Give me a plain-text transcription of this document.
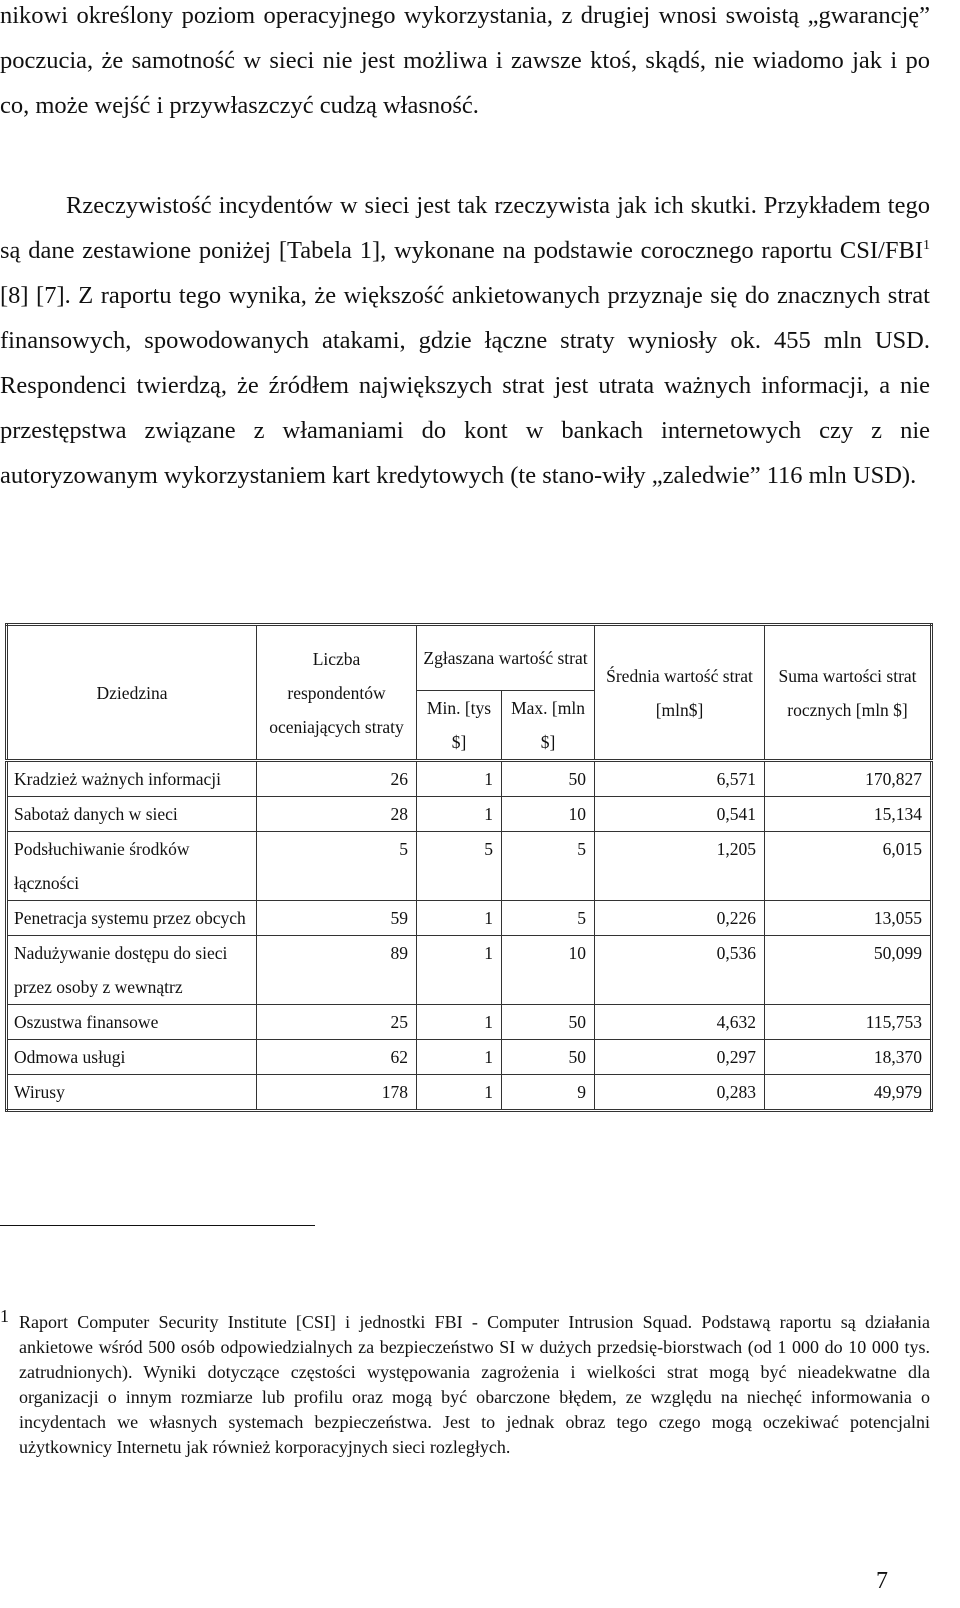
nikowi określony poziom operacyjnego wykorzystania, z drugiej wnosi swoistą „gwarancję” poczucia, że samotność w sieci nie jest możliwa i zawsze ktoś, skądś, nie wiadomo jak i po co, może wejść i przywłaszczyć cudzą własność.

Rzeczywistość incydentów w sieci jest tak rzeczywista jak ich skutki. Przykładem tego są dane zestawione poniżej [Tabela 1], wykonane na podstawie corocznego raportu CSI/FBI$^1$ [8] [7]. Z raportu tego wynika, że większość ankietowanych przyznaje się do znacznych strat finansowych, spowodowanych atakami, gdzie łączne straty wyniosły ok. 455 mln USD. Respondenci twierdzą, że źródłem największych strat jest utrata ważnych informacji, a nie przestępstwa związane z włamaniami do kont w bankach internetowych czy z nie autoryzowanym wykorzystaniem kart kredytowych (te stano-wiły „zaledwie” 116 mln USD).

Dziedzina	Liczba respondentów oceniających straty	Zgłaszana wartość strat		Średnia wartość strat [mln$]	Suma wartości strat rocznych [mln $]
		Min. [tys $]	Max. [mln $]		
Kradzież ważnych informacji	26	1	50	6,571	170,827
Sabotaż danych w sieci	28	1	10	0,541	15,134
Podsłuchiwanie środków łączności	5	5	5	1,205	6,015
Penetracja systemu przez obcych	59	1	5	0,226	13,055
Nadużywanie dostępu do sieci przez osoby z wewnątrz	89	1	10	0,536	50,099
Oszustwa finansowe	25	1	50	4,632	115,753
Odmowa usługi	62	1	50	0,297	18,370
Wirusy	178	1	9	0,283	49,979
1 Raport Computer Security Institute [CSI] i jednostki FBI - Computer Intrusion Squad. Podstawą raportu są działania ankietowe wśród 500 osób odpowiedzialnych za bezpieczeństwo SI w dużych przedsię-biorstwach (od 1 000 do 10 000 tys. zatrudnionych). Wyniki dotyczące częstości występowania zagrożenia i wielkości strat mogą być nieadekwatne dla organizacji o innym rozmiarze lub profilu oraz mogą być obarczone błędem, ze względu na niechęć informowania o incydentach we własnych systemach bezpieczeństwa. Jest to jednak obraz tego czego mogą oczekiwać potencjalni użytkownicy Internetu jak również korporacyjnych sieci rozległych.
7
